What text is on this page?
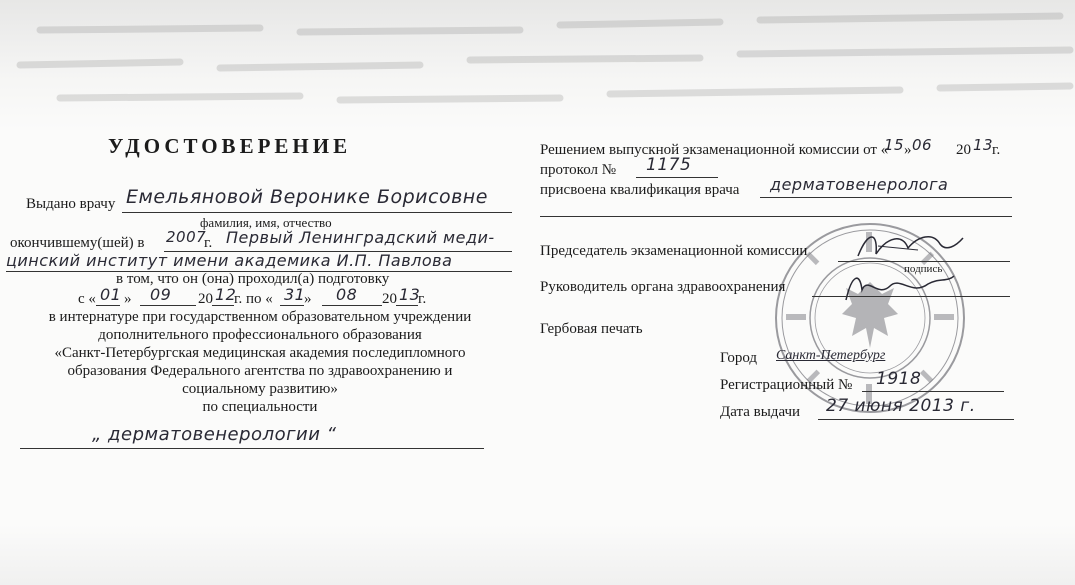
УДОСТОВЕРЕНИЕ
Выдано врачу Емельяновой Веронике Борисовне
фамилия, имя, отчество
окончившему(шей) в 2007
г. Первый Ленинградский меди-
цинский институт имени академика И.П. Павлова
в том, что он (она) проходил(а) подготовку
с « 01 » 09 20 12
г. по « 31
» 08 20 13
г.
в интернатуре при государственном образовательном учреждении
дополнительного профессионального образования
«Санкт-Петербургская медицинская академия последипломного
образования Федерального агентства по здравоохранению и
социальному развитию»
по специальности
„ дерматовенерологии “
Решением выпускной экзаменационной комиссии от «
15 » 06 20 13
г.
протокол № 1175
присвоена квалификация врача дерматовенеролога
Председатель экзаменационной комиссии
подпись
Руководитель органа здравоохранения
Гербовая печать
Город Санкт-Петербург
Регистрационный № 1918
Дата выдачи 27 июня 2013 г.
